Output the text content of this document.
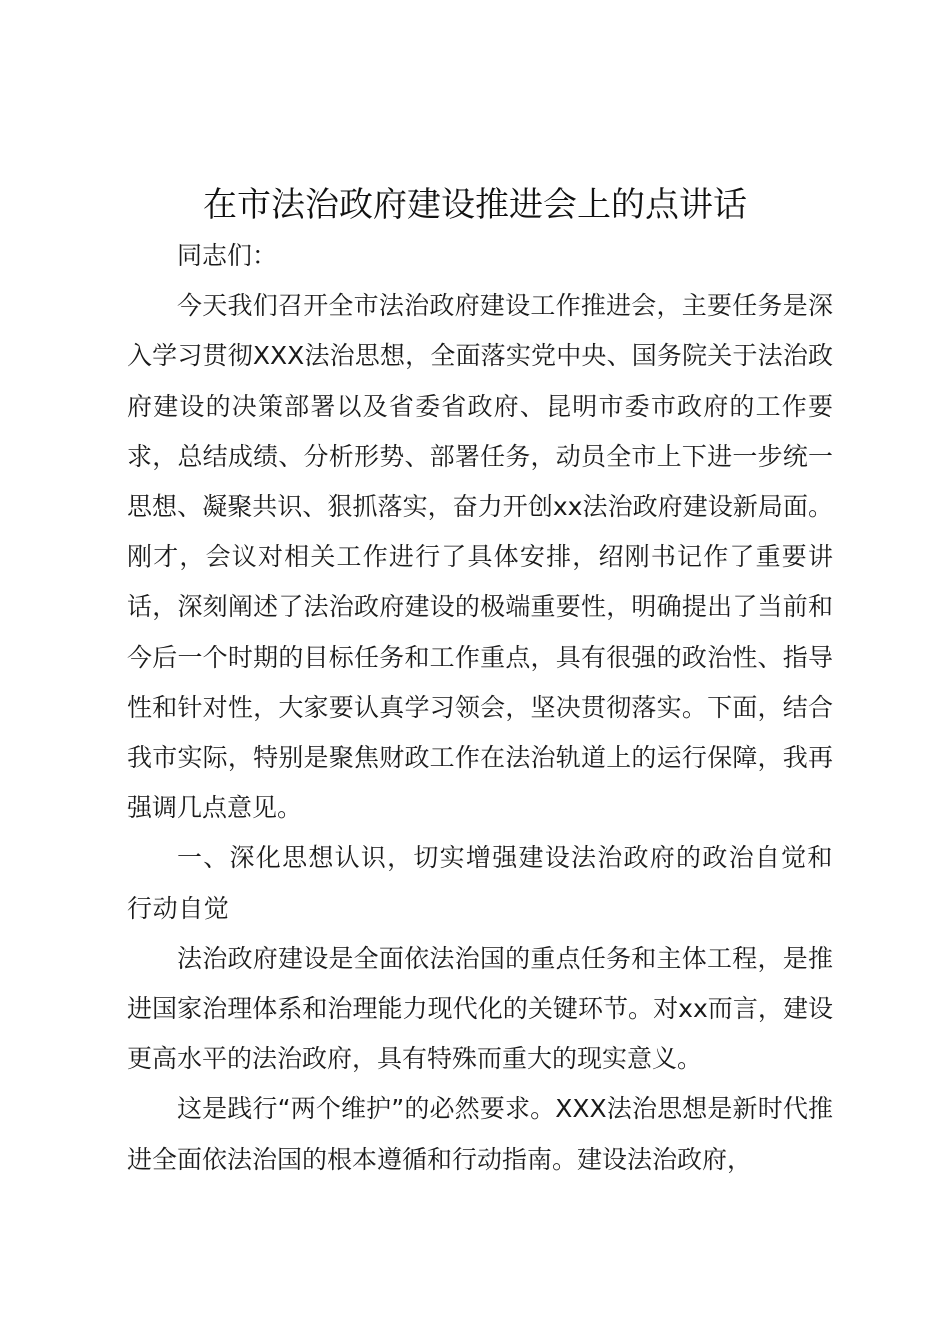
在市法治政府建设推进会上的点讲话

同志们：

今天我们召开全市法治政府建设工作推进会，主要任务是深入学习贯彻XXX法治思想，全面落实党中央、国务院关于法治政府建设的决策部署以及省委省政府、昆明市委市政府的工作要求，总结成绩、分析形势、部署任务，动员全市上下进一步统一思想、凝聚共识、狠抓落实，奋力开创xx法治政府建设新局面。刚才，会议对相关工作进行了具体安排，绍刚书记作了重要讲话，深刻阐述了法治政府建设的极端重要性，明确提出了当前和今后一个时期的目标任务和工作重点，具有很强的政治性、指导性和针对性，大家要认真学习领会，坚决贯彻落实。下面，结合我市实际，特别是聚焦财政工作在法治轨道上的运行保障，我再强调几点意见。

一、深化思想认识，切实增强建设法治政府的政治自觉和行动自觉

法治政府建设是全面依法治国的重点任务和主体工程，是推进国家治理体系和治理能力现代化的关键环节。对xx而言，建设更高水平的法治政府，具有特殊而重大的现实意义。

这是践行“两个维护”的必然要求。XXX法治思想是新时代推进全面依法治国的根本遵循和行动指南。建设法治政府，
